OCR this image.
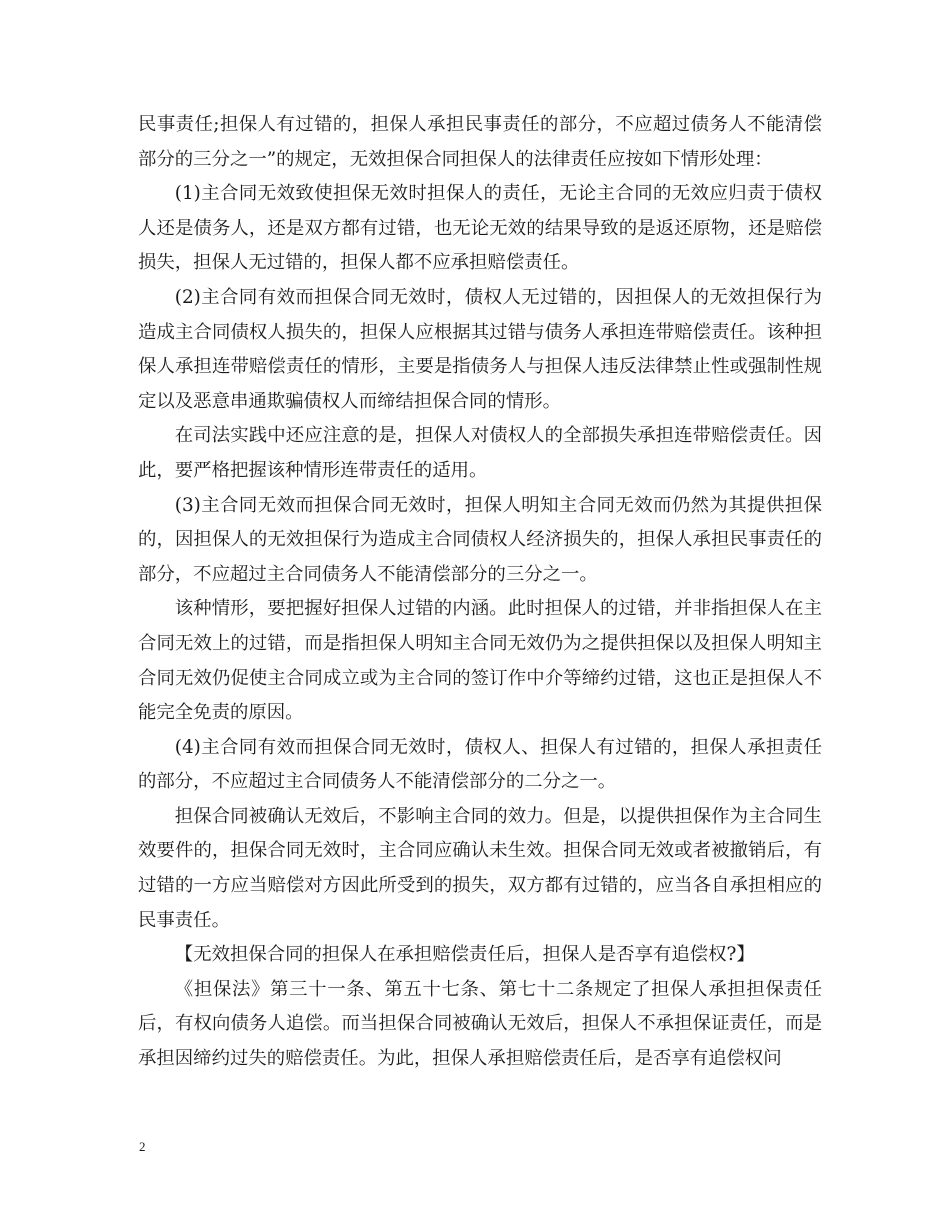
民事责任;担保人有过错的，担保人承担民事责任的部分，不应超过债务人不能清偿部分的三分之一”的规定，无效担保合同担保人的法律责任应按如下情形处理：

(1)主合同无效致使担保无效时担保人的责任，无论主合同的无效应归责于债权人还是债务人，还是双方都有过错，也无论无效的结果导致的是返还原物，还是赔偿损失，担保人无过错的，担保人都不应承担赔偿责任。

(2)主合同有效而担保合同无效时，债权人无过错的，因担保人的无效担保行为造成主合同债权人损失的，担保人应根据其过错与债务人承担连带赔偿责任。该种担保人承担连带赔偿责任的情形，主要是指债务人与担保人违反法律禁止性或强制性规定以及恶意串通欺骗债权人而缔结担保合同的情形。

在司法实践中还应注意的是，担保人对债权人的全部损失承担连带赔偿责任。因此，要严格把握该种情形连带责任的适用。

(3)主合同无效而担保合同无效时，担保人明知主合同无效而仍然为其提供担保的，因担保人的无效担保行为造成主合同债权人经济损失的，担保人承担民事责任的部分，不应超过主合同债务人不能清偿部分的三分之一。

该种情形，要把握好担保人过错的内涵。此时担保人的过错，并非指担保人在主合同无效上的过错，而是指担保人明知主合同无效仍为之提供担保以及担保人明知主合同无效仍促使主合同成立或为主合同的签订作中介等缔约过错，这也正是担保人不能完全免责的原因。

(4)主合同有效而担保合同无效时，债权人、担保人有过错的，担保人承担责任的部分，不应超过主合同债务人不能清偿部分的二分之一。

担保合同被确认无效后，不影响主合同的效力。但是，以提供担保作为主合同生效要件的，担保合同无效时，主合同应确认未生效。担保合同无效或者被撤销后，有过错的一方应当赔偿对方因此所受到的损失，双方都有过错的，应当各自承担相应的民事责任。

【无效担保合同的担保人在承担赔偿责任后，担保人是否享有追偿权?】

《担保法》第三十一条、第五十七条、第七十二条规定了担保人承担担保责任后，有权向债务人追偿。而当担保合同被确认无效后，担保人不承担保证责任，而是承担因缔约过失的赔偿责任。为此，担保人承担赔偿责任后，是否享有追偿权问

2
